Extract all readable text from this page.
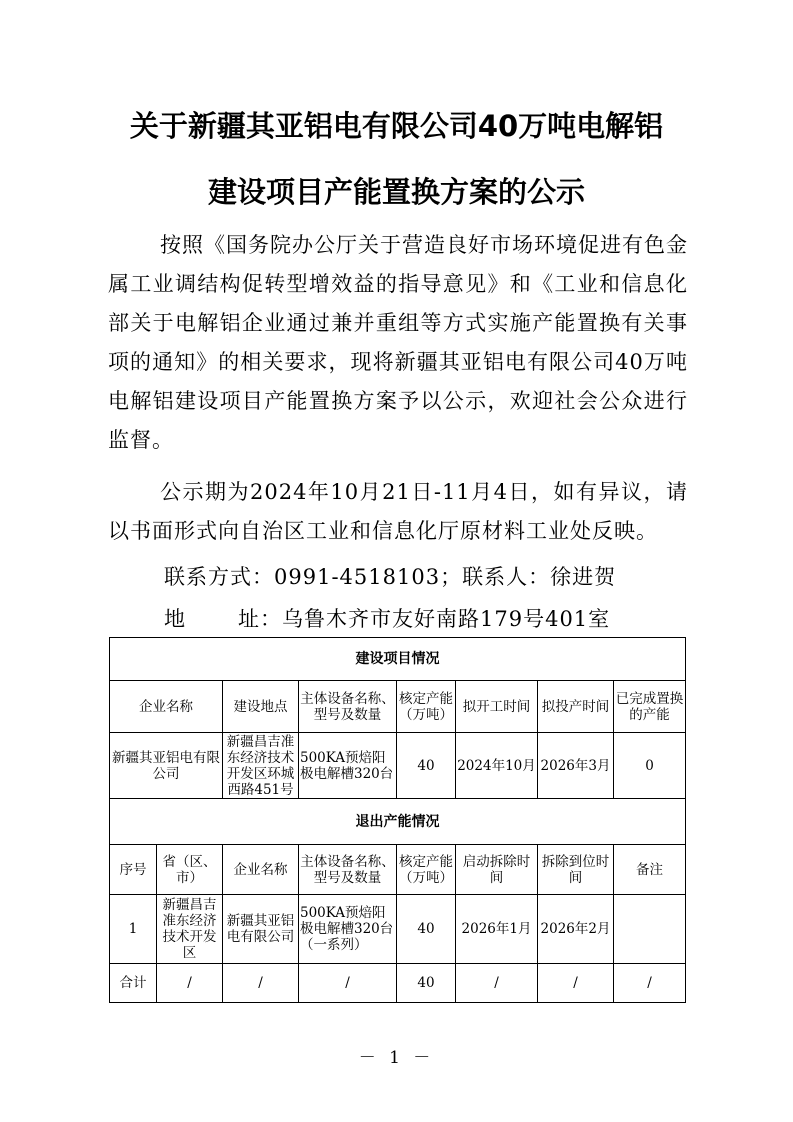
关于新疆其亚铝电有限公司40万吨电解铝
建设项目产能置换方案的公示
按照《国务院办公厅关于营造良好市场环境促进有色金属工业调结构促转型增效益的指导意见》和《工业和信息化部关于电解铝企业通过兼并重组等方式实施产能置换有关事项的通知》的相关要求，现将新疆其亚铝电有限公司40万吨电解铝建设项目产能置换方案予以公示，欢迎社会公众进行监督。
公示期为2024年10月21日-11月4日，如有异议，请以书面形式向自治区工业和信息化厅原材料工业处反映。
联系方式：0991-4518103；联系人：徐进贺
地 址：乌鲁木齐市友好南路179号401室
建设项目情况							
企业名称		建设地点	主体设备名称、型号及数量	核定产能（万吨）	拟开工时间	拟投产时间	已完成置换的产能
新疆其亚铝电有限公司		新疆昌吉准东经济技术开发区环城西路451号	500KA预焙阳极电解槽320台	40	2024年10月	2026年3月	0
退出产能情况							
序号	省（区、市）	企业名称	主体设备名称、型号及数量	核定产能（万吨）	启动拆除时间	拆除到位时间	备注
1	新疆昌吉准东经济技术开发区	新疆其亚铝电有限公司	500KA预焙阳极电解槽320台（一系列）	40	2026年1月	2026年2月	
合计	/	/	/	40	/	/	/
－ 1 －
